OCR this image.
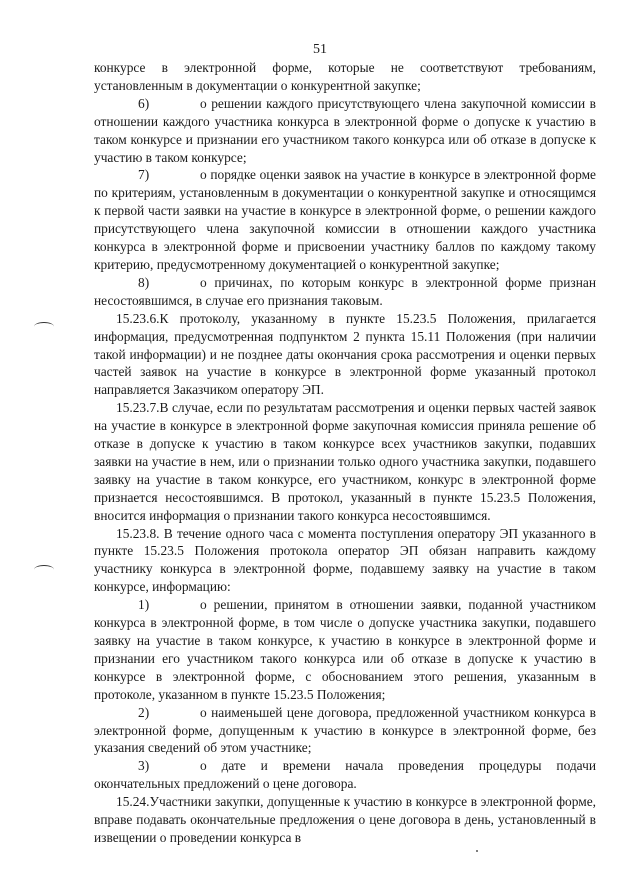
51

конкурсе в электронной форме, которые не соответствуют требованиям, установленным в документации о конкурентной закупке;

6)	о решении каждого присутствующего члена закупочной комиссии в отношении каждого участника конкурса в электронной форме о допуске к участию в таком конкурсе и признании его участником такого конкурса или об отказе в допуске к участию в таком конкурсе;

7)	о порядке оценки заявок на участие в конкурсе в электронной форме по критериям, установленным в документации о конкурентной закупке и относящимся к первой части заявки на участие в конкурсе в электронной форме, о решении каждого присутствующего члена закупочной комиссии в отношении каждого участника конкурса в электронной форме и присвоении участнику баллов по каждому такому критерию, предусмотренному документацией о конкурентной закупке;

8)	о причинах, по которым конкурс в электронной форме признан несостоявшимся, в случае его признания таковым.

15.23.6.К протоколу, указанному в пункте 15.23.5 Положения, прилагается информация, предусмотренная подпунктом 2 пункта 15.11 Положения (при наличии такой информации) и не позднее даты окончания срока рассмотрения и оценки первых частей заявок на участие в конкурсе в электронной форме указанный протокол направляется Заказчиком оператору ЭП.

15.23.7.В случае, если по результатам рассмотрения и оценки первых частей заявок на участие в конкурсе в электронной форме закупочная комиссия приняла решение об отказе в допуске к участию в таком конкурсе всех участников закупки, подавших заявки на участие в нем, или о признании только одного участника закупки, подавшего заявку на участие в таком конкурсе, его участником, конкурс в электронной форме признается несостоявшимся. В протокол, указанный в пункте 15.23.5 Положения, вносится информация о признании такого конкурса несостоявшимся.

15.23.8. В течение одного часа с момента поступления оператору ЭП указанного в пункте 15.23.5 Положения протокола оператор ЭП обязан направить каждому участнику конкурса в электронной форме, подавшему заявку на участие в таком конкурсе, информацию:

1)	о решении, принятом в отношении заявки, поданной участником конкурса в электронной форме, в том числе о допуске участника закупки, подавшего заявку на участие в таком конкурсе, к участию в конкурсе в электронной форме и признании его участником такого конкурса или об отказе в допуске к участию в конкурсе в электронной форме, с обоснованием этого решения, указанным в протоколе, указанном в пункте 15.23.5 Положения;

2)	о наименьшей цене договора, предложенной участником конкурса в электронной форме, допущенным к участию в конкурсе в электронной форме, без указания сведений об этом участнике;

3)	о дате и времени начала проведения процедуры подачи окончательных предложений о цене договора.

15.24.Участники закупки, допущенные к участию в конкурсе в электронной форме, вправе подавать окончательные предложения о цене договора в день, установленный в извещении о проведении конкурса в
